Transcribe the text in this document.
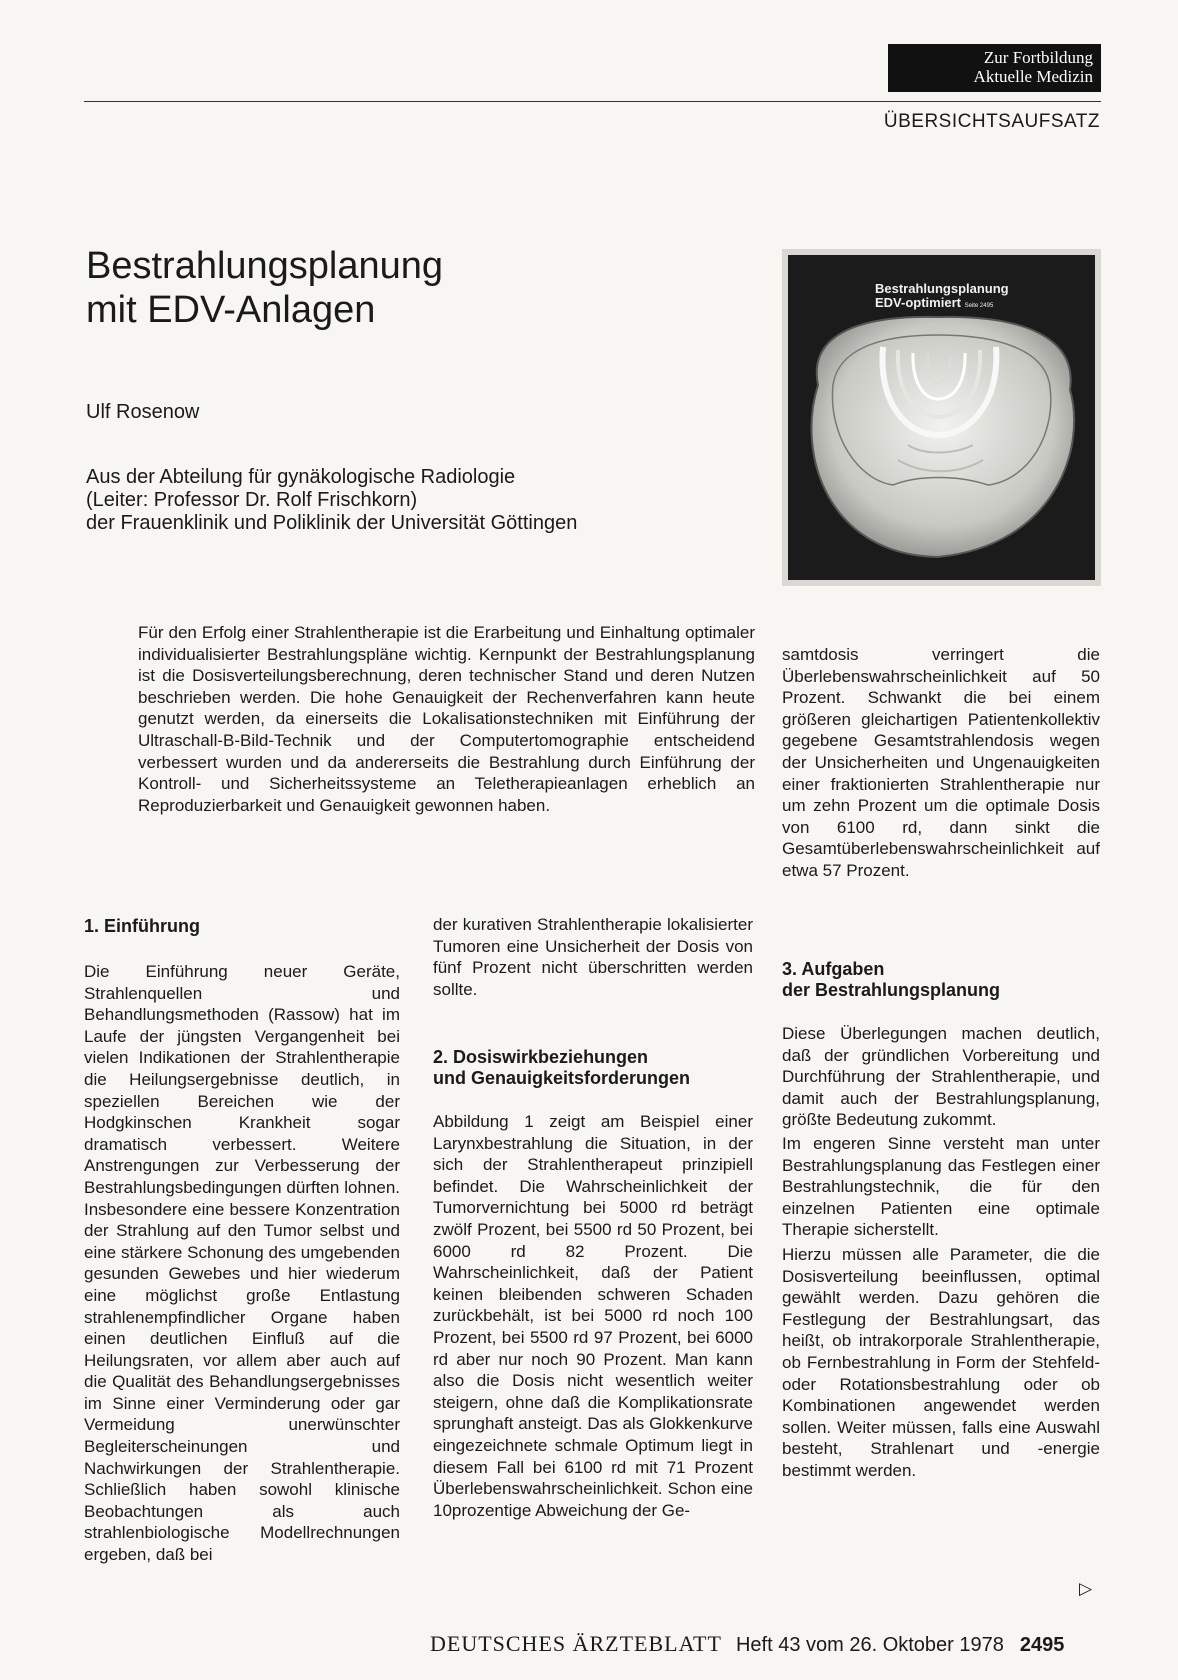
Zur Fortbildung
Aktuelle Medizin
ÜBERSICHTSAUFSATZ
Bestrahlungsplanung
mit EDV-Anlagen
Ulf Rosenow
Aus der Abteilung für gynäkologische Radiologie
(Leiter: Professor Dr. Rolf Frischkorn)
der Frauenklinik und Poliklinik der Universität Göttingen
Bestrahlungsplanung
EDV-optimiert Seite 2495

Für den Erfolg einer Strahlentherapie ist die Erarbeitung und Einhaltung optimaler individualisierter Bestrahlungspläne wichtig. Kernpunkt der Bestrahlungsplanung ist die Dosisverteilungsberechnung, deren technischer Stand und deren Nutzen beschrieben werden. Die hohe Genauigkeit der Rechenverfahren kann heute genutzt werden, da einerseits die Lokalisationstechniken mit Einführung der Ultraschall-B-Bild-Technik und der Computertomographie entscheidend verbessert wurden und da andererseits die Bestrahlung durch Einführung der Kontroll- und Sicherheitssysteme an Teletherapieanlagen erheblich an Reproduzierbarkeit und Genauigkeit gewonnen haben.

1. Einführung

Die Einführung neuer Geräte, Strahlenquellen und Behandlungsmethoden (Rassow) hat im Laufe der jüngsten Vergangenheit bei vielen Indikationen der Strahlentherapie die Heilungsergebnisse deutlich, in speziellen Bereichen wie der Hodgkinschen Krankheit sogar dramatisch verbessert. Weitere Anstrengungen zur Verbesserung der Bestrahlungsbedingungen dürften lohnen. Insbesondere eine bessere Konzentration der Strahlung auf den Tumor selbst und eine stärkere Schonung des umgebenden gesunden Gewebes und hier wiederum eine möglichst große Entlastung strahlenempfindlicher Organe haben einen deutlichen Einfluß auf die Heilungsraten, vor allem aber auch auf die Qualität des Behandlungsergebnisses im Sinne einer Verminderung oder gar Vermeidung unerwünschter Begleiterscheinungen und Nachwirkungen der Strahlentherapie. Schließlich haben sowohl klinische Beobachtungen als auch strahlenbiologische Modellrechnungen ergeben, daß bei

der kurativen Strahlentherapie lokalisierter Tumoren eine Unsicherheit der Dosis von fünf Prozent nicht überschritten werden sollte.

2. Dosiswirkbeziehungen
und Genauigkeitsforderungen

Abbildung 1 zeigt am Beispiel einer Larynxbestrahlung die Situation, in der sich der Strahlentherapeut prinzipiell befindet. Die Wahrscheinlichkeit der Tumorvernichtung bei 5000 rd beträgt zwölf Prozent, bei 5500 rd 50 Prozent, bei 6000 rd 82 Prozent. Die Wahrscheinlichkeit, daß der Patient keinen bleibenden schweren Schaden zurückbehält, ist bei 5000 rd noch 100 Prozent, bei 5500 rd 97 Prozent, bei 6000 rd aber nur noch 90 Prozent. Man kann also die Dosis nicht wesentlich weiter steigern, ohne daß die Komplikationsrate sprunghaft ansteigt. Das als Glokkenkurve eingezeichnete schmale Optimum liegt in diesem Fall bei 6100 rd mit 71 Prozent Überlebenswahrscheinlichkeit. Schon eine 10prozentige Abweichung der Ge-

samtdosis verringert die Überlebenswahrscheinlichkeit auf 50 Prozent. Schwankt die bei einem größeren gleichartigen Patientenkollektiv gegebene Gesamtstrahlendosis wegen der Unsicherheiten und Ungenauigkeiten einer fraktionierten Strahlentherapie nur um zehn Prozent um die optimale Dosis von 6100 rd, dann sinkt die Gesamtüberlebenswahrscheinlichkeit auf etwa 57 Prozent.

3. Aufgaben
der Bestrahlungsplanung

Diese Überlegungen machen deutlich, daß der gründlichen Vorbereitung und Durchführung der Strahlentherapie, und damit auch der Bestrahlungsplanung, größte Bedeutung zukommt.

Im engeren Sinne versteht man unter Bestrahlungsplanung das Festlegen einer Bestrahlungstechnik, die für den einzelnen Patienten eine optimale Therapie sicherstellt.

Hierzu müssen alle Parameter, die die Dosisverteilung beeinflussen, optimal gewählt werden. Dazu gehören die Festlegung der Bestrahlungsart, das heißt, ob intrakorporale Strahlentherapie, ob Fernbestrahlung in Form der Stehfeld- oder Rotationsbestrahlung oder ob Kombinationen angewendet werden sollen. Weiter müssen, falls eine Auswahl besteht, Strahlenart und -energie bestimmt werden.

▷
DEUTSCHES ÄRZTEBLATT Heft 43 vom 26. Oktober 1978 2495
